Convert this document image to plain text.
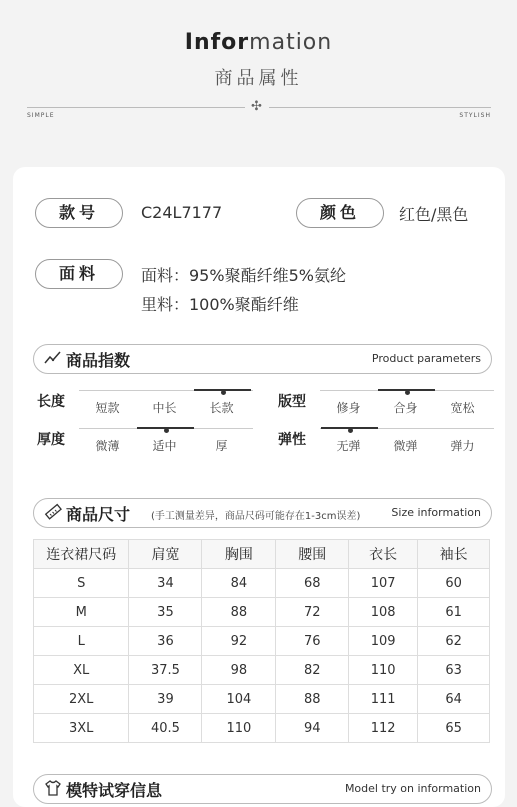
Information
商品属性
✣
SIMPLE	STYLISH
款号	C24L7177	颜色	红色/黑色
面料	面料：95%聚酯纤维5%氨纶
里料：100%聚酯纤维
商品指数	Product parameters
长度	短款	中长	长款	版型	修身	合身	宽松
厚度	微薄	适中	厚	弹性	无弹	微弹	弹力
商品尺寸 (手工测量差异，商品尺码可能存在1-3cm误差)	Size information
连衣裙尺码	肩宽	胸围	腰围	衣长	袖长
S	34	84	68	107	60
M	35	88	72	108	61
L	36	92	76	109	62
XL	37.5	98	82	110	63
2XL	39	104	88	111	64
3XL	40.5	110	94	112	65
模特试穿信息	Model try on information
